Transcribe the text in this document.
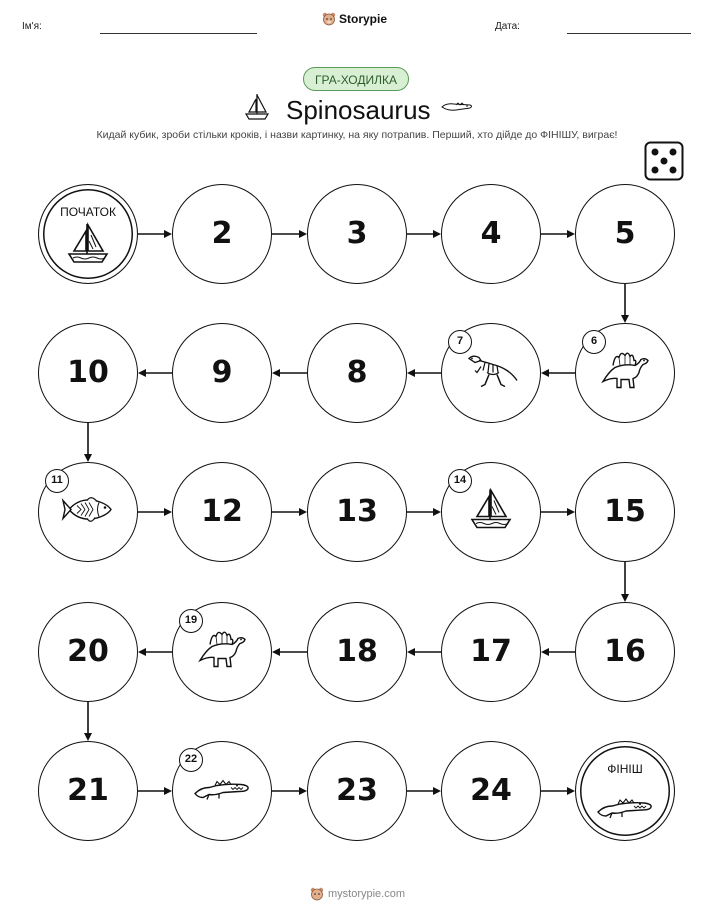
Ім'я:
Storypie
Дата:
ГРА-ХОДИЛКА
Spinosaurus
Кидай кубик, зроби стільки кроків, і назви картинку, на яку потрапив. Перший, хто дійде до ФІНІШУ, виграє!
ПОЧАТОК
2	3	4	5
6
7
8
9
10
11
12	13
14
15
16
17
18
19
20
21
22
23	24
ФІНІШ
mystorypie.com
